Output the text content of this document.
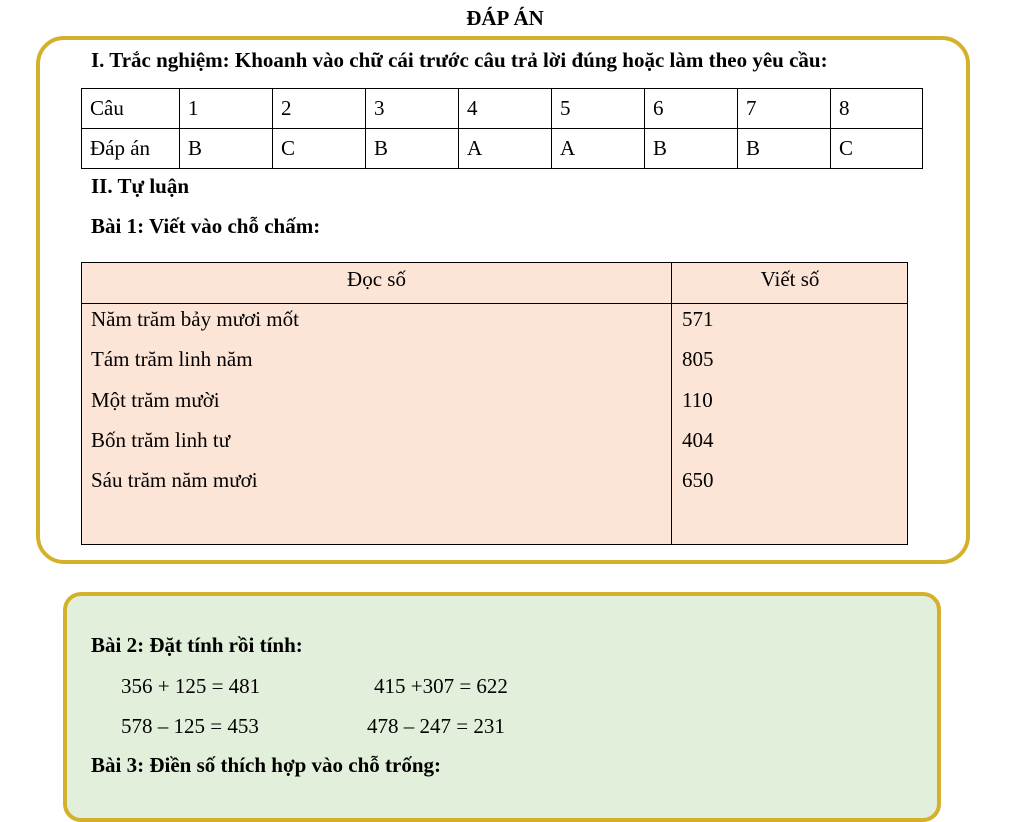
ĐÁP ÁN
I. Trắc nghiệm: Khoanh vào chữ cái trước câu trả lời đúng hoặc làm theo yêu cầu:
Câu	1	2	3	4	5	6	7	8
Đáp án	B	C	B	A	A	B	B	C
II. Tự luận
Bài 1: Viết vào chỗ chấm:
Đọc số	Viết số
Năm trăm bảy mươi mốt	571
Tám trăm linh năm	805
Một trăm mười	110
Bốn trăm linh tư	404
Sáu trăm năm mươi	650
Bài 2: Đặt tính rồi tính:
356 + 125 = 481	415 +307 = 622
578 – 125 = 453	478 – 247 = 231
Bài 3: Điền số thích hợp vào chỗ trống:
